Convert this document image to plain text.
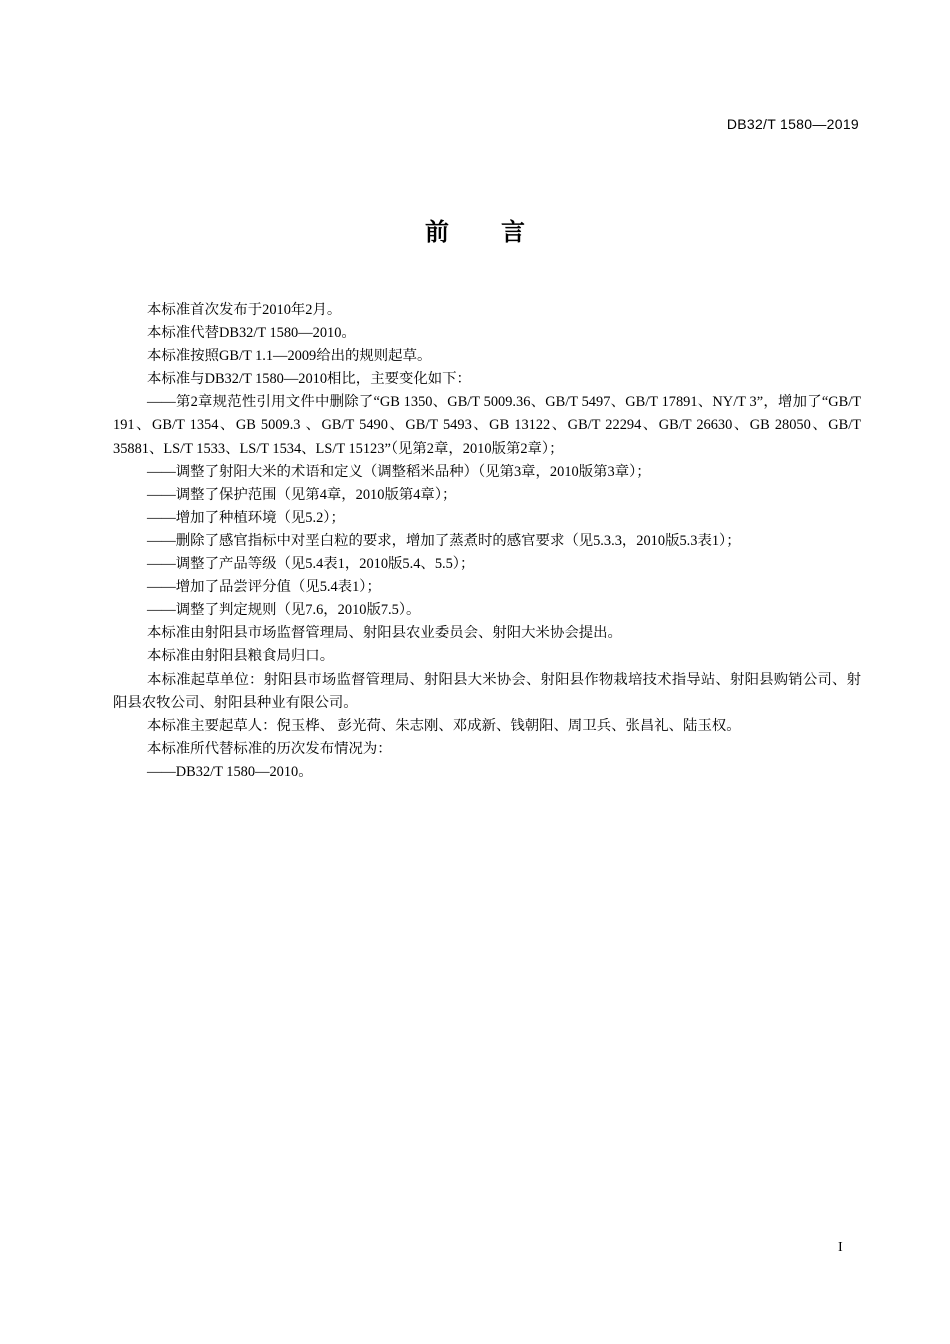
DB32/T 1580—2019
前言

本标准首次发布于2010年2月。

本标准代替DB32/T 1580—2010。

本标准按照GB/T 1.1—2009给出的规则起草。

本标准与DB32/T 1580—2010相比，主要变化如下：

——第2章规范性引用文件中删除了“GB 1350、GB/T 5009.36、GB/T 5497、GB/T 17891、NY/T 3”，增加了“GB/T 191、GB/T 1354、GB 5009.3 、GB/T 5490、GB/T 5493、GB 13122、GB/T 22294、GB/T 26630、GB 28050、GB/T 35881、LS/T 1533、LS/T 1534、LS/T 15123”（见第2章，2010版第2章）；

——调整了射阳大米的术语和定义（调整稻米品种）（见第3章，2010版第3章）；

——调整了保护范围（见第4章，2010版第4章）；

——增加了种植环境（见5.2）；

——删除了感官指标中对垩白粒的要求，增加了蒸煮时的感官要求（见5.3.3，2010版5.3表1）；

——调整了产品等级（见5.4表1，2010版5.4、5.5）；

——增加了品尝评分值（见5.4表1）；

——调整了判定规则（见7.6，2010版7.5）。

本标准由射阳县市场监督管理局、射阳县农业委员会、射阳大米协会提出。

本标准由射阳县粮食局归口。

本标准起草单位：射阳县市场监督管理局、射阳县大米协会、射阳县作物栽培技术指导站、射阳县购销公司、射阳县农牧公司、射阳县种业有限公司。

本标准主要起草人：倪玉桦、 彭光荷、朱志刚、邓成新、钱朝阳、周卫兵、张昌礼、陆玉权。

本标准所代替标准的历次发布情况为：

——DB32/T 1580—2010。

I
